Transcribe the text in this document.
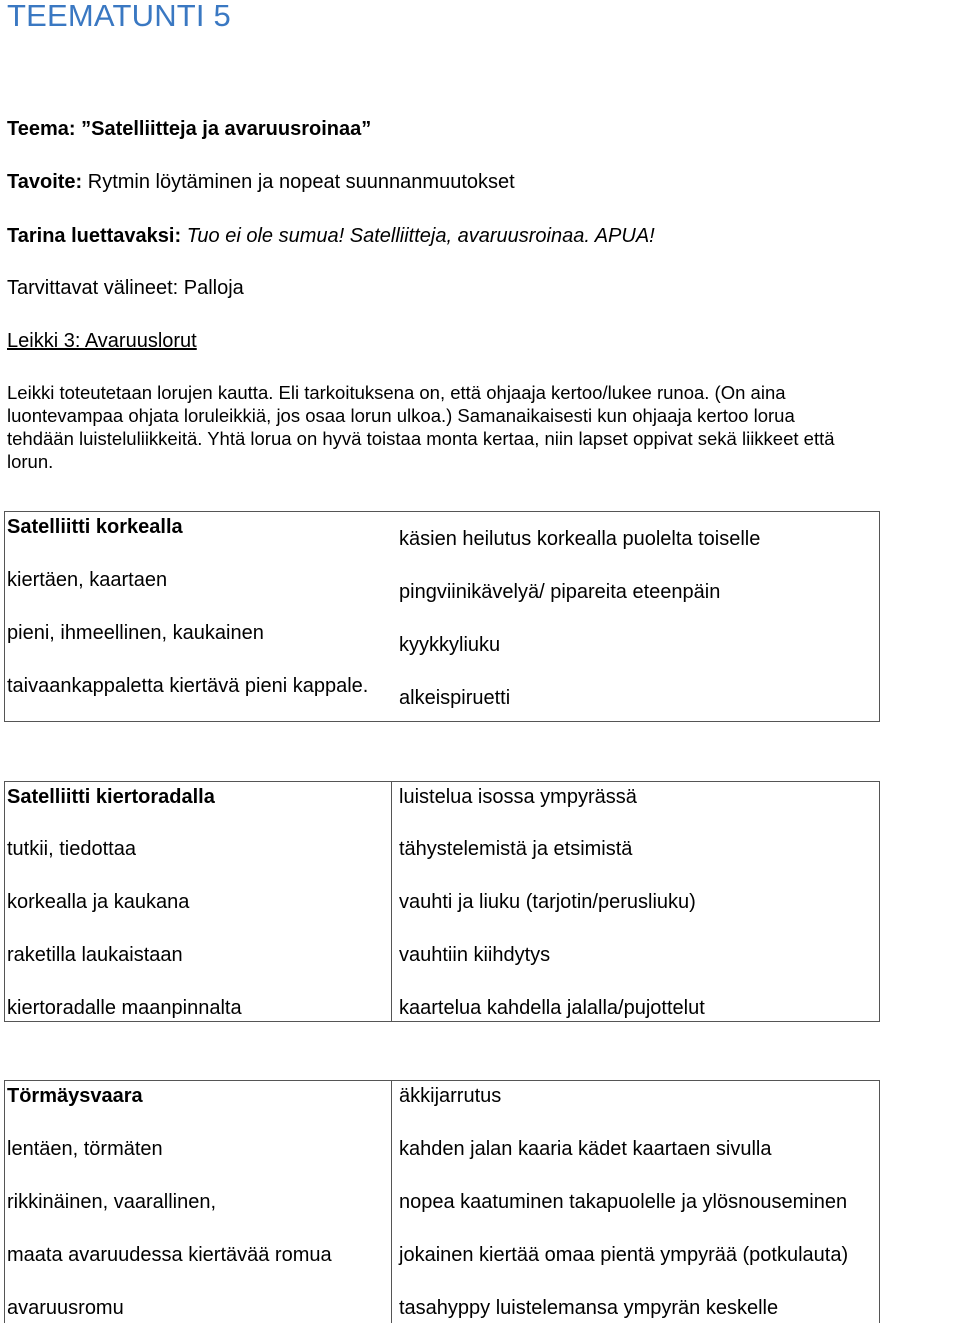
TEEMATUNTI 5
Teema: ”Satelliitteja ja avaruusroinaa”
Tavoite: Rytmin löytäminen ja nopeat suunnanmuutokset
Tarina luettavaksi: Tuo ei ole sumua! Satelliitteja, avaruusroinaa. APUA!
Tarvittavat välineet: Palloja
Leikki 3: Avaruuslorut

Leikki toteutetaan lorujen kautta. Eli tarkoituksena on, että ohjaaja kertoo/lukee runoa. (On aina

luontevampaa ohjata loruleikkiä, jos osaa lorun ulkoa.) Samanaikaisesti kun ohjaaja kertoo lorua

tehdään luisteluliikkeitä. Yhtä lorua on hyvä toistaa monta kertaa, niin lapset oppivat sekä liikkeet että

lorun.

Satelliitti korkealla
kiertäen, kaartaen
pieni, ihmeellinen, kaukainen
taivaankappaletta kiertävä pieni kappale.
käsien heilutus korkealla puolelta toiselle
pingviinikävelyä/ pipareita eteenpäin
kyykkyliuku
alkeispiruetti
Satelliitti kiertoradalla
tutkii, tiedottaa
korkealla ja kaukana
raketilla laukaistaan
kiertoradalle maanpinnalta
luistelua isossa ympyrässä
tähystelemistä ja etsimistä
vauhti ja liuku (tarjotin/perusliuku)
vauhtiin kiihdytys
kaartelua kahdella jalalla/pujottelut
Törmäysvaara
lentäen, törmäten
rikkinäinen, vaarallinen,
maata avaruudessa kiertävää romua
avaruusromu
äkkijarrutus
kahden jalan kaaria kädet kaartaen sivulla
nopea kaatuminen takapuolelle ja ylösnouseminen
jokainen kiertää omaa pientä ympyrää (potkulauta)
tasahyppy luistelemansa ympyrän keskelle
